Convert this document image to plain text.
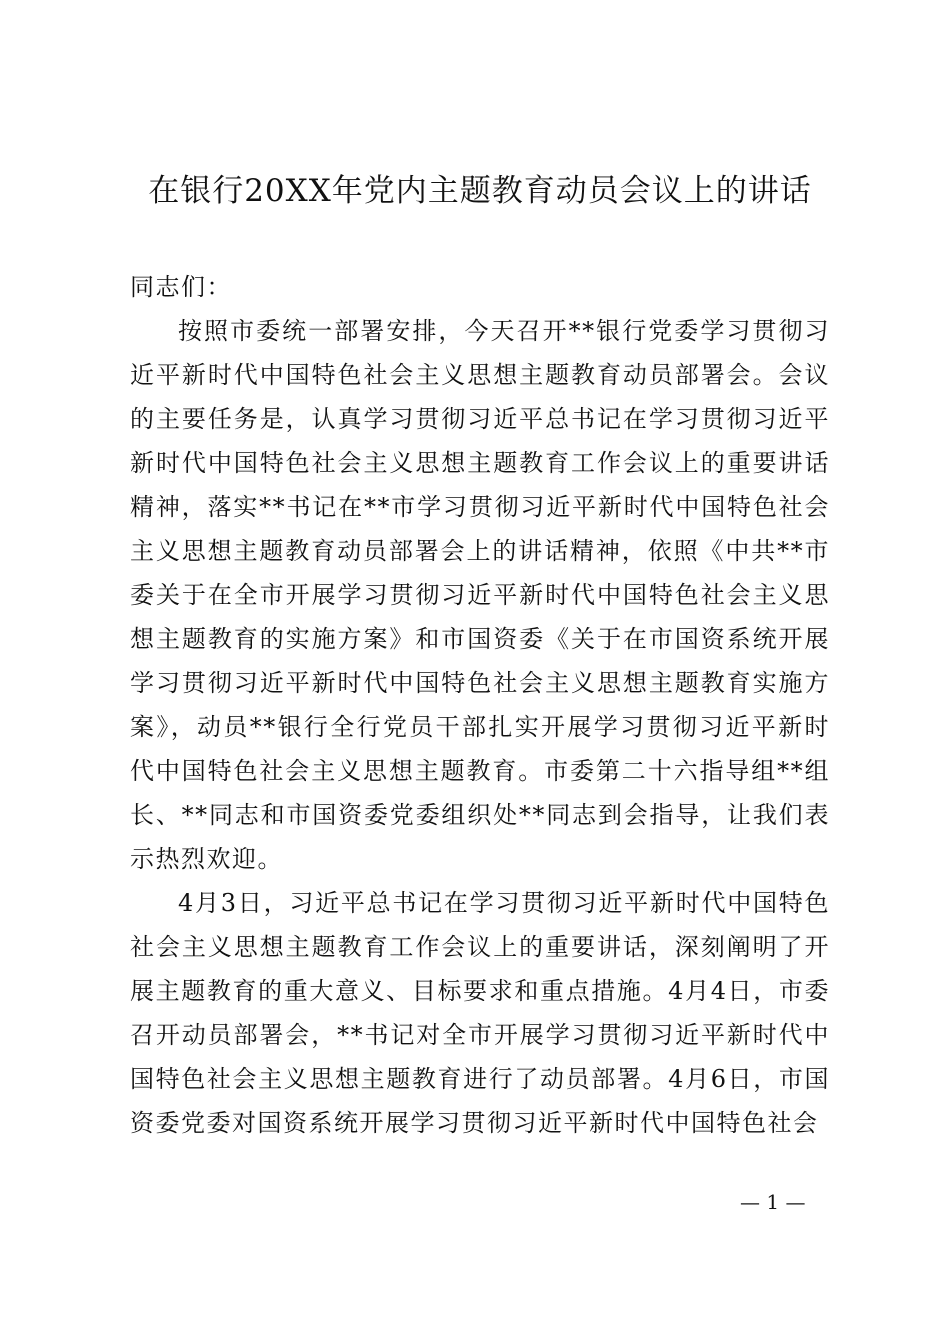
在银行20XX年党内主题教育动员会议上的讲话

同志们：

按照市委统一部署安排，今天召开**银行党委学习贯彻习近平新时代中国特色社会主义思想主题教育动员部署会。会议的主要任务是，认真学习贯彻习近平总书记在学习贯彻习近平新时代中国特色社会主义思想主题教育工作会议上的重要讲话精神，落实**书记在**市学习贯彻习近平新时代中国特色社会主义思想主题教育动员部署会上的讲话精神，依照《中共**市委关于在全市开展学习贯彻习近平新时代中国特色社会主义思想主题教育的实施方案》和市国资委《关于在市国资系统开展学习贯彻习近平新时代中国特色社会主义思想主题教育实施方案》，动员**银行全行党员干部扎实开展学习贯彻习近平新时代中国特色社会主义思想主题教育。市委第二十六指导组**组长、**同志和市国资委党委组织处**同志到会指导，让我们表示热烈欢迎。

4月3日，习近平总书记在学习贯彻习近平新时代中国特色社会主义思想主题教育工作会议上的重要讲话，深刻阐明了开展主题教育的重大意义、目标要求和重点措施。4月4日，市委召开动员部署会，**书记对全市开展学习贯彻习近平新时代中国特色社会主义思想主题教育进行了动员部署。4月6日，市国资委党委对国资系统开展学习贯彻习近平新时代中国特色社会

— 1 —
